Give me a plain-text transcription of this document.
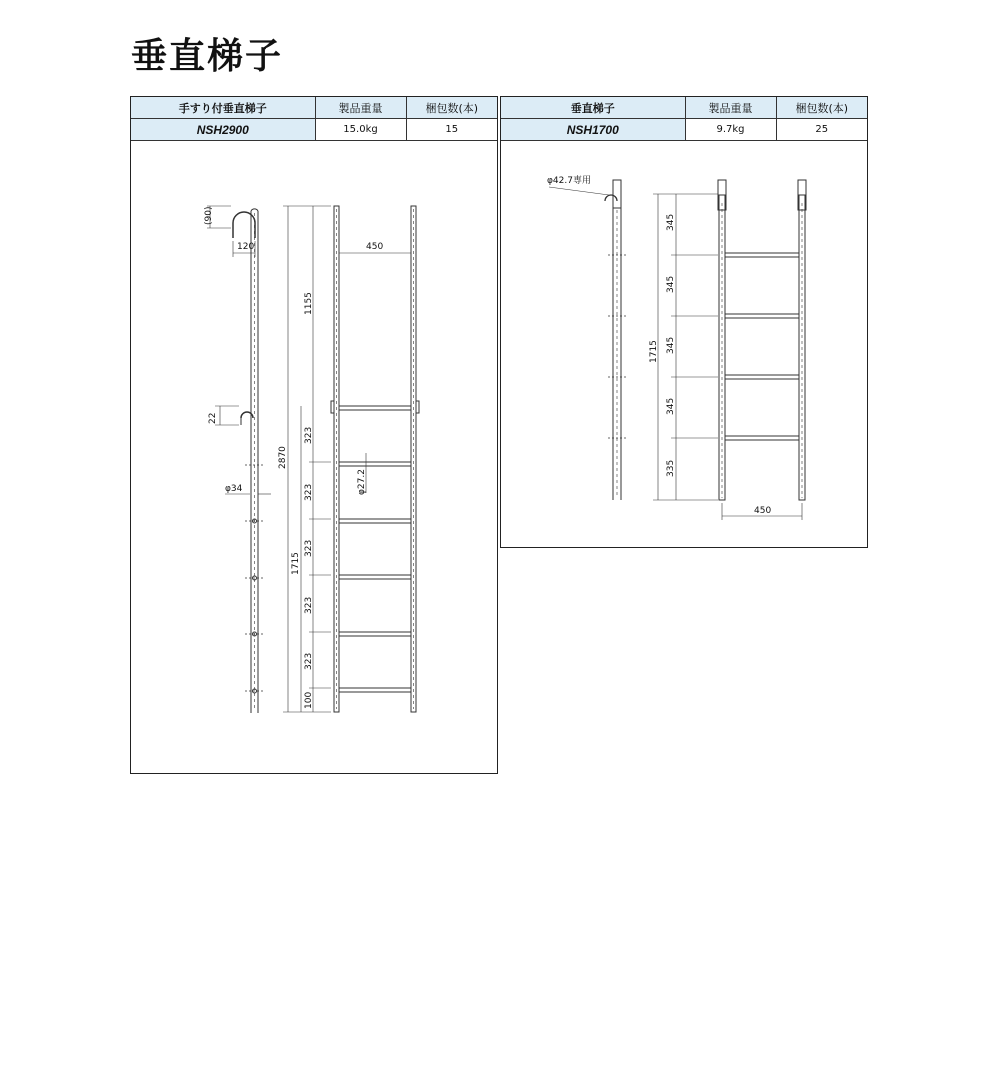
垂直梯子
手すり付垂直梯子	製品重量	梱包数(本)
NSH2900	15.0kg	15
(90)
120	450
1155
22
2870
φ34	φ27.2
1715
323
323
323
323
323
100
垂直梯子	製品重量	梱包数(本)
NSH1700	9.7kg	25
φ42.7専用
1715
345
345
345
345
335
450
